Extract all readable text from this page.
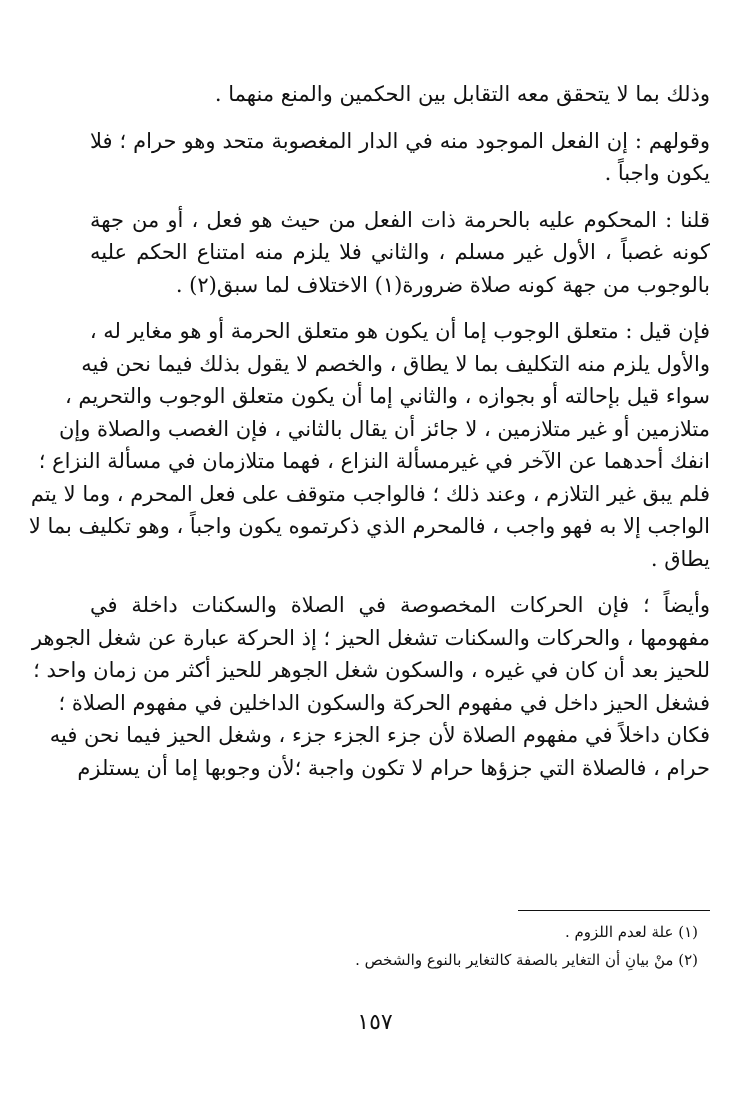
وذلك بما لا يتحقق معه التقابل بين الحكمين والمنع منهما .

وقولهم : إن الفعل الموجود منه في الدار المغصوبة متحد وهو حرام ؛ فلا
يكون واجباً .

قلنا : المحكوم عليه بالحرمة ذات الفعل من حيث هو فعل ، أو من جهة
كونه غصباً ، الأول غير مسلم ، والثاني فلا يلزم منه امتناع الحكم عليه
بالوجوب من جهة كونه صلاة ضرورة(١) الاختلاف لما سبق(٢) .

فإن قيل : متعلق الوجوب إما أن يكون هو متعلق الحرمة أو هو مغاير له ،
والأول يلزم منه التكليف بما لا يطاق ، والخصم لا يقول بذلك فيما نحن فيه
سواء قيل بإحالته أو بجوازه ، والثاني إما أن يكون متعلق الوجوب والتحريم ،
متلازمين أو غير متلازمين ، لا جائز أن يقال بالثاني ، فإن الغصب والصلاة وإن
انفك أحدهما عن الآخر في غيرمسألة النزاع ، فهما متلازمان في مسألة النزاع ؛
فلم يبق غير التلازم ، وعند ذلك ؛ فالواجب متوقف على فعل المحرم ، وما لا يتم
الواجب إلا به فهو واجب ، فالمحرم الذي ذكرتموه يكون واجباً ، وهو تكليف بما لا
يطاق .

وأيضاً ؛ فإن الحركات المخصوصة في الصلاة والسكنات داخلة في
مفهومها ، والحركات والسكنات تشغل الحيز ؛ إذ الحركة عبارة عن شغل الجوهر
للحيز بعد أن كان في غيره ، والسكون شغل الجوهر للحيز أكثر من زمان واحد ؛
فشغل الحيز داخل في مفهوم الحركة والسكون الداخلين في مفهوم الصلاة ؛
فكان داخلاً في مفهوم الصلاة لأن جزء الجزء جزء ، وشغل الحيز فيما نحن فيه
حرام ، فالصلاة التي جزؤها حرام لا تكون واجبة ؛لأن وجوبها إما أن يستلزم

(١) علة لعدم اللزوم .
(٢) منْ بيانِ أن التغاير بالصفة كالتغاير بالنوع والشخص .
١٥٧
